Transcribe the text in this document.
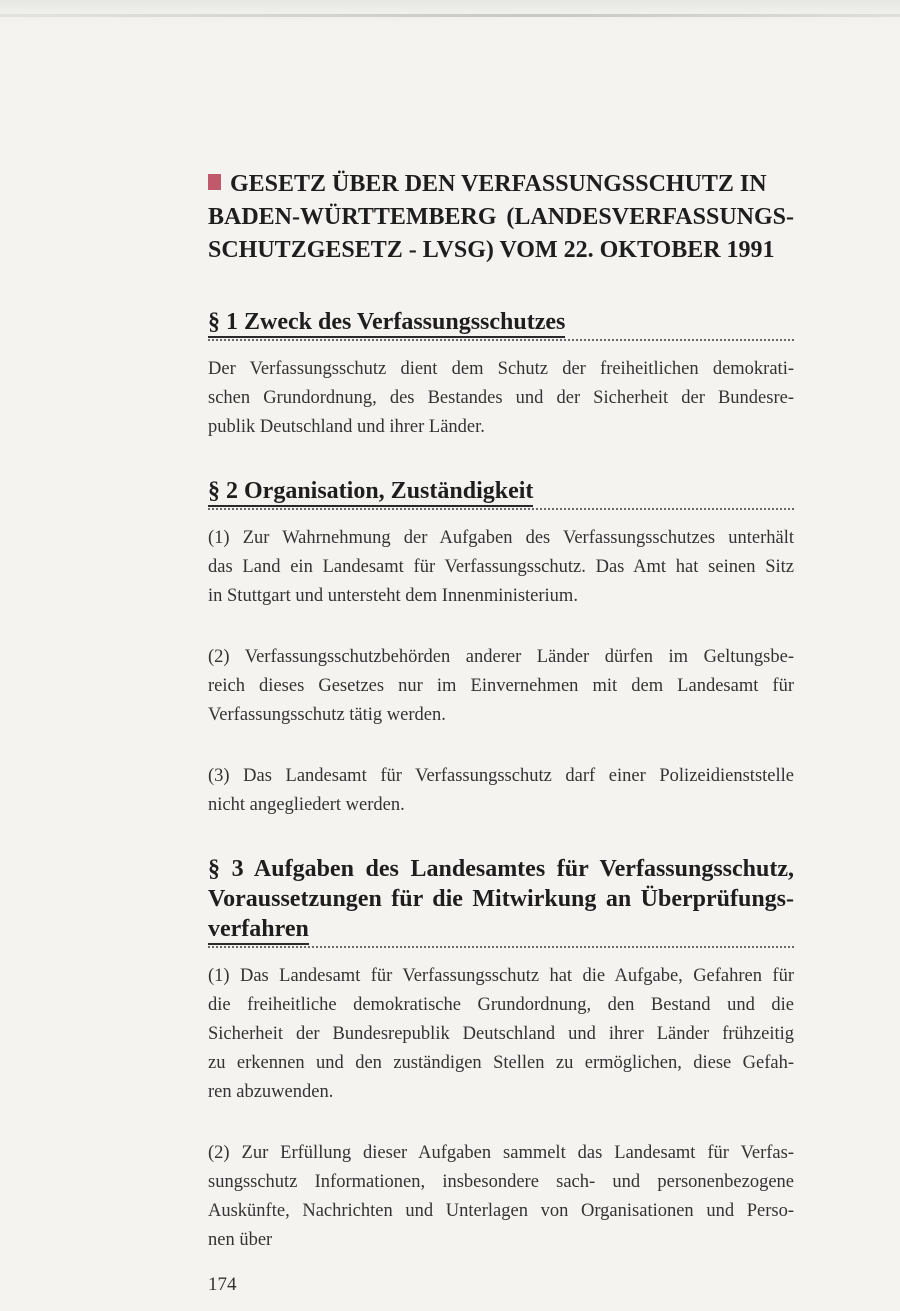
GESETZ ÜBER DEN VERFASSUNGSSCHUTZ IN
BADEN-WÜRTTEMBERG (LANDESVERFASSUNGS-
SCHUTZGESETZ - LVSG) VOM 22. OKTOBER 1991
§ 1 Zweck des Verfassungsschutzes

Der Verfassungsschutz dient dem Schutz der freiheitlichen demokrati-
schen Grundordnung, des Bestandes und der Sicherheit der Bundesre-
publik Deutschland und ihrer Länder.

§ 2 Organisation, Zuständigkeit

(1) Zur Wahrnehmung der Aufgaben des Verfassungsschutzes unterhält
das Land ein Landesamt für Verfassungsschutz. Das Amt hat seinen Sitz
in Stuttgart und untersteht dem Innenministerium.

(2) Verfassungsschutzbehörden anderer Länder dürfen im Geltungsbe-
reich dieses Gesetzes nur im Einvernehmen mit dem Landesamt für
Verfassungsschutz tätig werden.

(3) Das Landesamt für Verfassungsschutz darf einer Polizeidienststelle
nicht angegliedert werden.

§ 3 Aufgaben des Landesamtes für Verfassungsschutz,
Voraussetzungen für die Mitwirkung an Überprüfungs-
verfahren

(1) Das Landesamt für Verfassungsschutz hat die Aufgabe, Gefahren für
die freiheitliche demokratische Grundordnung, den Bestand und die
Sicherheit der Bundesrepublik Deutschland und ihrer Länder frühzeitig
zu erkennen und den zuständigen Stellen zu ermöglichen, diese Gefah-
ren abzuwenden.

(2) Zur Erfüllung dieser Aufgaben sammelt das Landesamt für Verfas-
sungsschutz Informationen, insbesondere sach- und personenbezogene
Auskünfte, Nachrichten und Unterlagen von Organisationen und Perso-
nen über

174
